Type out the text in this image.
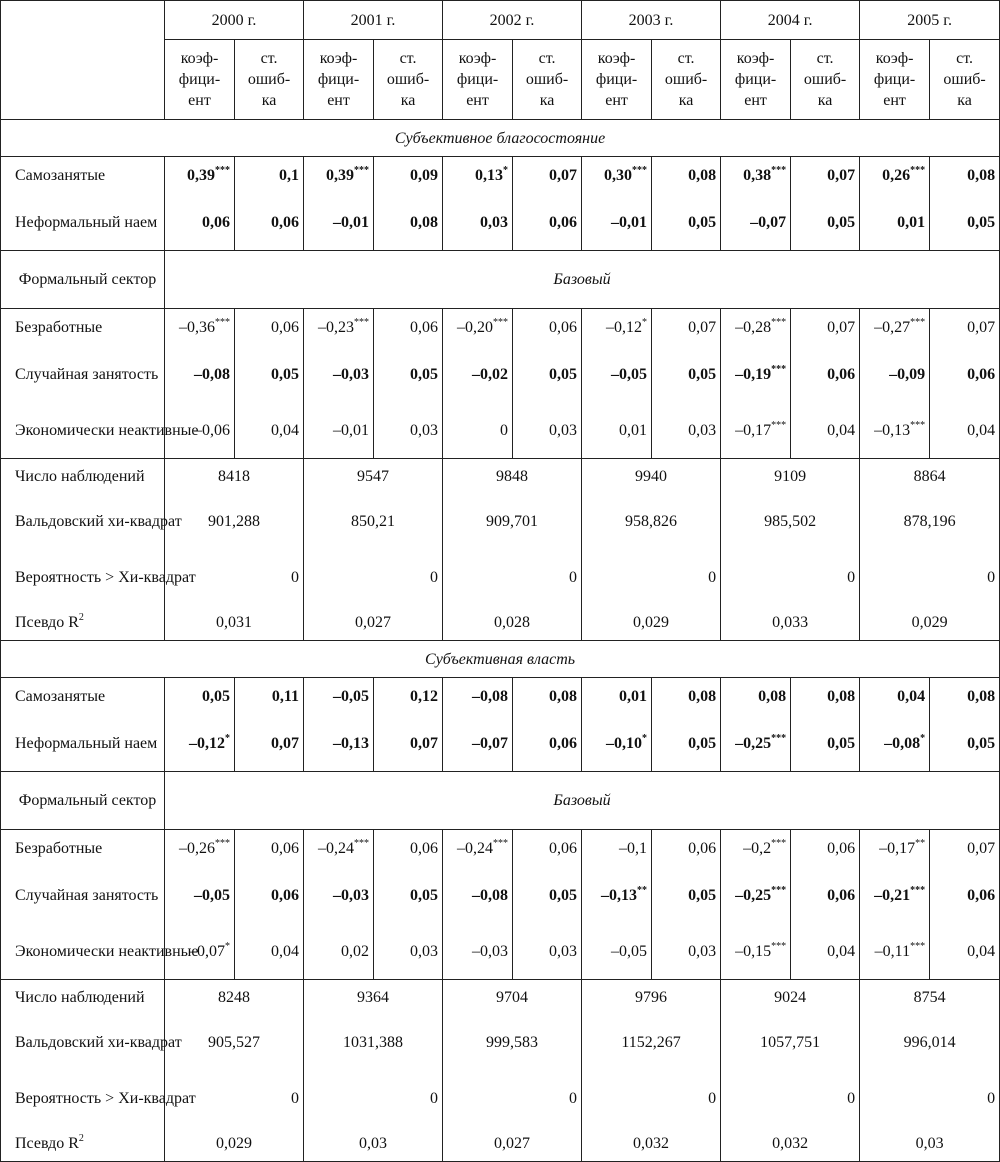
	2000 г.		2001 г.		2002 г.		2003 г.		2004 г.		2005 г.	

	коэф-
фици-
ент	ст.
ошиб-
ка	коэф-
фици-
ент	ст.
ошиб-
ка	коэф-
фици-
ент	ст.
ошиб-
ка	коэф-
фици-
ент	ст.
ошиб-
ка	коэф-
фици-
ент	ст.
ошиб-
ка	коэф-
фици-
ент	ст.
ошиб-
ка

Субъективное благосостояние												
Самозанятые	0,39***	0,1	0,39***	0,09	0,13*	0,07	0,30***	0,08	0,38***	0,07	0,26***	0,08
Неформальный наем	0,06	0,06	–0,01	0,08	0,03	0,06	–0,01	0,05	–0,07	0,05	0,01	0,05
Формальный сектор	Базовый											
Безработные	–0,36***	0,06	–0,23***	0,06	–0,20***	0,06	–0,12*	0,07	–0,28***	0,07	–0,27***	0,07
Случайная занятость	–0,08	0,05	–0,03	0,05	–0,02	0,05	–0,05	0,05	–0,19***	0,06	–0,09	0,06
Экономически неактивные	–0,06	0,04	–0,01	0,03	0	0,03	0,01	0,03	–0,17***	0,04	–0,13***	0,04
Число наблюдений	8418		9547		9848		9940		9109		8864	
Вальдовский хи-квадрат	901,288		850,21		909,701		958,826		985,502		878,196	
Вероятность > Хи-квадрат	0		0		0		0		0		0	
Псевдо $R^2$	0,031		0,027		0,028		0,029		0,033		0,029	
Субъективная власть												
Самозанятые	0,05	0,11	–0,05	0,12	–0,08	0,08	0,01	0,08	0,08	0,08	0,04	0,08
Неформальный наем	–0,12*	0,07	–0,13	0,07	–0,07	0,06	–0,10*	0,05	–0,25***	0,05	–0,08*	0,05
Формальный сектор	Базовый											
Безработные	–0,26***	0,06	–0,24***	0,06	–0,24***	0,06	–0,1	0,06	–0,2***	0,06	–0,17**	0,07
Случайная занятость	–0,05	0,06	–0,03	0,05	–0,08	0,05	–0,13**	0,05	–0,25***	0,06	–0,21***	0,06
Экономически неактивные	–0,07*	0,04	0,02	0,03	–0,03	0,03	–0,05	0,03	–0,15***	0,04	–0,11***	0,04
Число наблюдений	8248		9364		9704		9796		9024		8754	
Вальдовский хи-квадрат	905,527		1031,388		999,583		1152,267		1057,751		996,014	
Вероятность > Хи-квадрат	0		0		0		0		0		0	
Псевдо $R^2$	0,029		0,03		0,027		0,032		0,032		0,03	
